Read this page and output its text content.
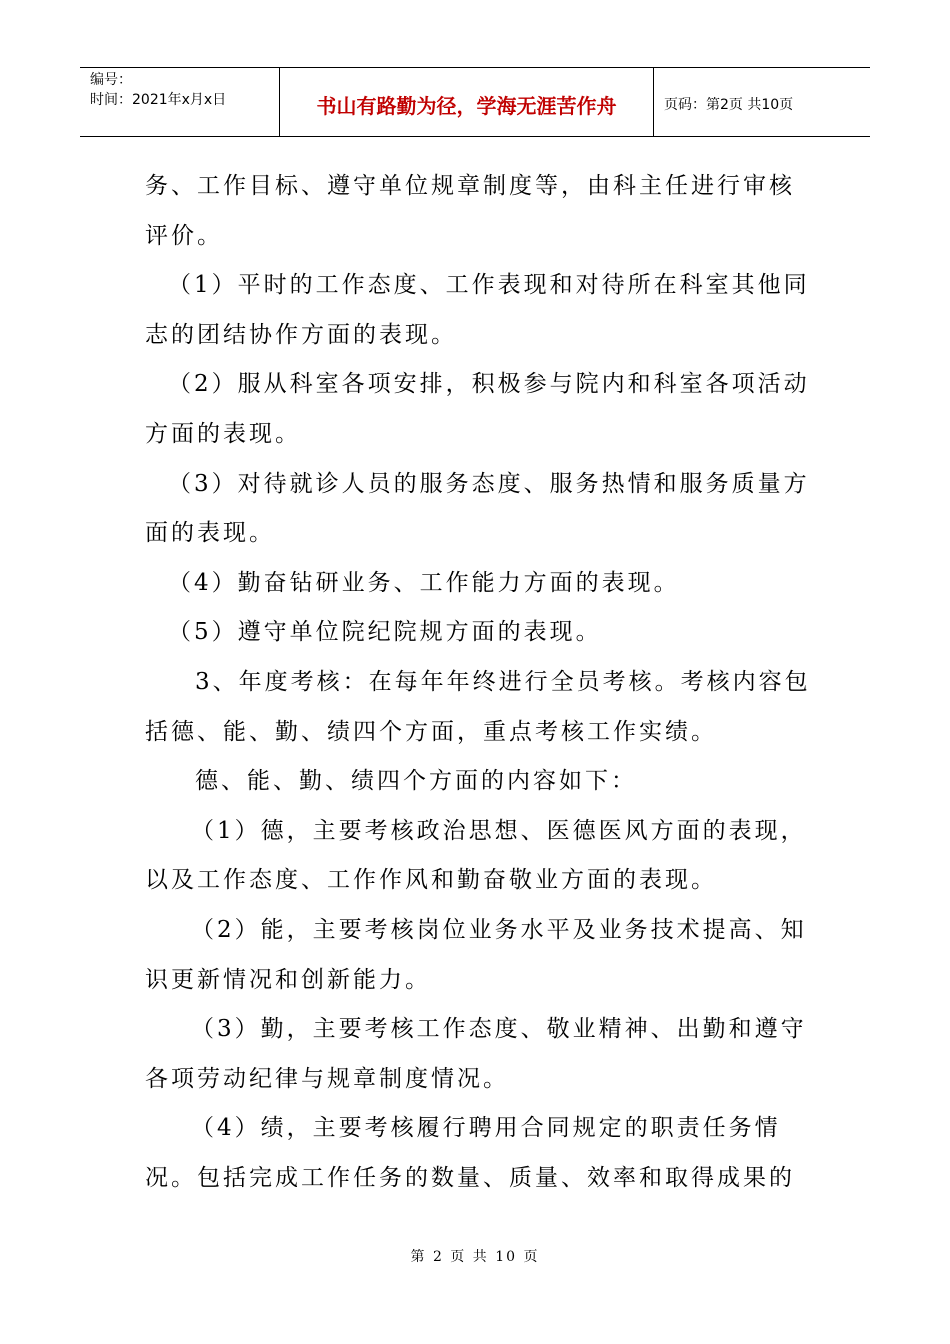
编号：
时间：2021年x月x日	书山有路勤为径，学海无涯苦作舟	页码：第2页 共10页
务、工作目标、遵守单位规章制度等，由科主任进行审核
评价。
（1）平时的工作态度、工作表现和对待所在科室其他同
志的团结协作方面的表现。
（2）服从科室各项安排，积极参与院内和科室各项活动
方面的表现。
（3）对待就诊人员的服务态度、服务热情和服务质量方
面的表现。
（4）勤奋钻研业务、工作能力方面的表现。
（5）遵守单位院纪院规方面的表现。
3、年度考核：在每年年终进行全员考核。考核内容包
括德、能、勤、绩四个方面，重点考核工作实绩。
德、能、勤、绩四个方面的内容如下：
（1）德，主要考核政治思想、医德医风方面的表现，
以及工作态度、工作作风和勤奋敬业方面的表现。
（2）能，主要考核岗位业务水平及业务技术提高、知
识更新情况和创新能力。
（3）勤，主要考核工作态度、敬业精神、出勤和遵守
各项劳动纪律与规章制度情况。
（4）绩，主要考核履行聘用合同规定的职责任务情
况。包括完成工作任务的数量、质量、效率和取得成果的
第 2 页 共 10 页
